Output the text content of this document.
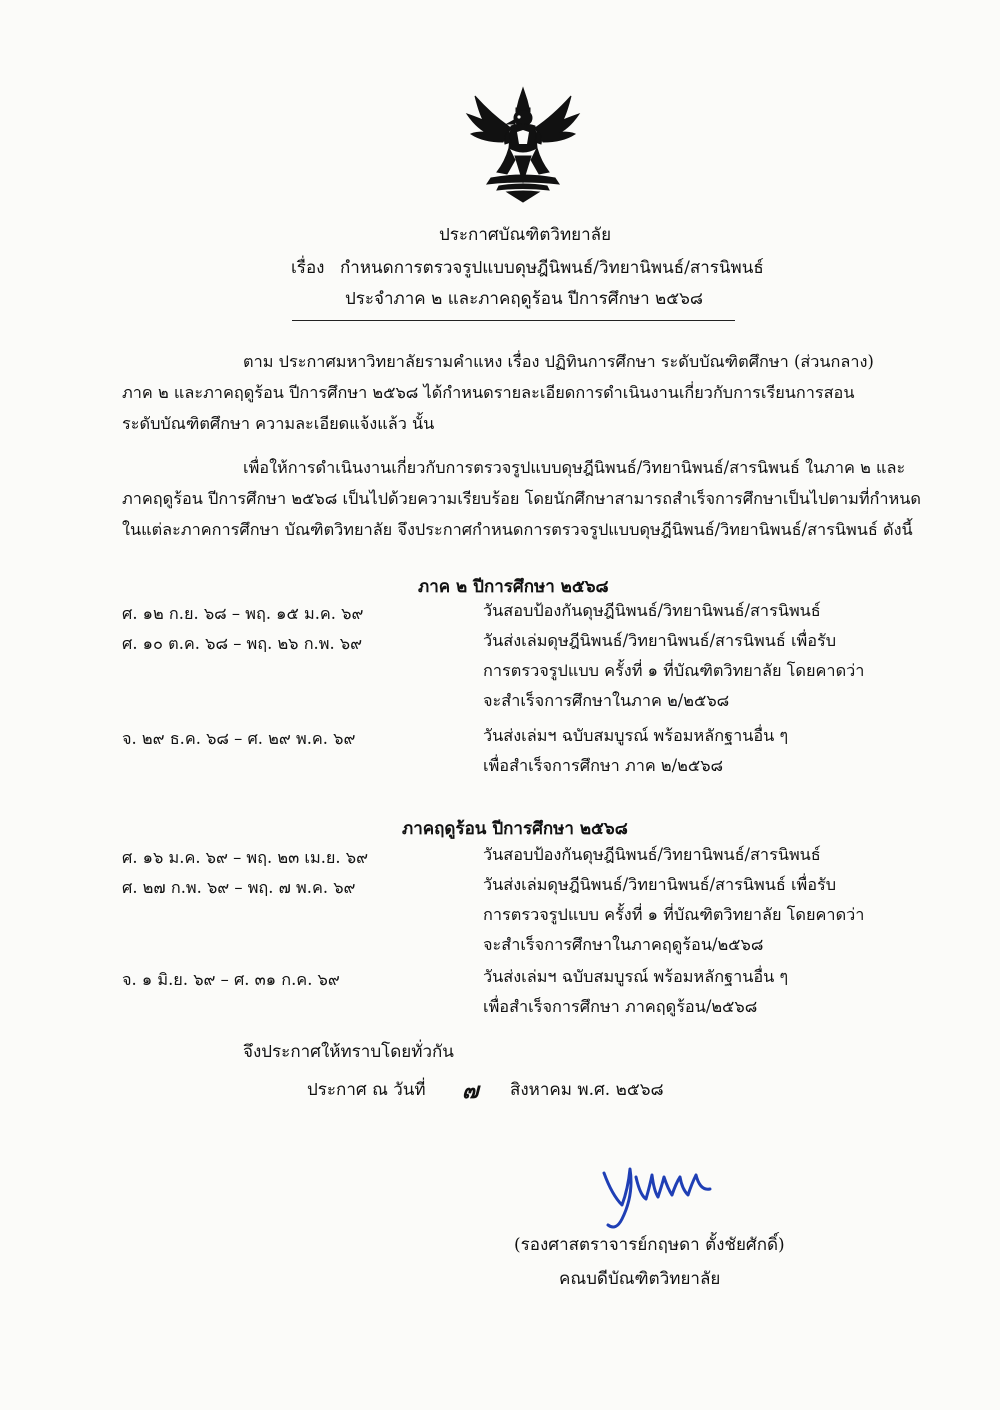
ประกาศบัณฑิตวิทยาลัย
เรื่อง กำหนดการตรวจรูปแบบดุษฎีนิพนธ์/วิทยานิพนธ์/สารนิพนธ์
ประจำภาค ๒ และภาคฤดูร้อน ปีการศึกษา ๒๕๖๘
ตาม ประกาศมหาวิทยาลัยรามคำแหง เรื่อง ปฏิทินการศึกษา ระดับบัณฑิตศึกษา (ส่วนกลาง)
ภาค ๒ และภาคฤดูร้อน ปีการศึกษา ๒๕๖๘ ได้กำหนดรายละเอียดการดำเนินงานเกี่ยวกับการเรียนการสอน
ระดับบัณฑิตศึกษา ความละเอียดแจ้งแล้ว นั้น
เพื่อให้การดำเนินงานเกี่ยวกับการตรวจรูปแบบดุษฎีนิพนธ์/วิทยานิพนธ์/สารนิพนธ์ ในภาค ๒ และ
ภาคฤดูร้อน ปีการศึกษา ๒๕๖๘ เป็นไปด้วยความเรียบร้อย โดยนักศึกษาสามารถสำเร็จการศึกษาเป็นไปตามที่กำหนด
ในแต่ละภาคการศึกษา บัณฑิตวิทยาลัย จึงประกาศกำหนดการตรวจรูปแบบดุษฎีนิพนธ์/วิทยานิพนธ์/สารนิพนธ์ ดังนี้
ภาค ๒ ปีการศึกษา ๒๕๖๘
ศ. ๑๒ ก.ย. ๖๘ – พฤ. ๑๕ ม.ค. ๖๙	วันสอบป้องกันดุษฎีนิพนธ์/วิทยานิพนธ์/สารนิพนธ์
ศ. ๑๐ ต.ค. ๖๘ – พฤ. ๒๖ ก.พ. ๖๙	วันส่งเล่มดุษฎีนิพนธ์/วิทยานิพนธ์/สารนิพนธ์ เพื่อรับ
การตรวจรูปแบบ ครั้งที่ ๑ ที่บัณฑิตวิทยาลัย โดยคาดว่า
จะสำเร็จการศึกษาในภาค ๒/๒๕๖๘
จ. ๒๙ ธ.ค. ๖๘ – ศ. ๒๙ พ.ค. ๖๙	วันส่งเล่มฯ ฉบับสมบูรณ์ พร้อมหลักฐานอื่น ๆ
เพื่อสำเร็จการศึกษา ภาค ๒/๒๕๖๘
ภาคฤดูร้อน ปีการศึกษา ๒๕๖๘
ศ. ๑๖ ม.ค. ๖๙ – พฤ. ๒๓ เม.ย. ๖๙	วันสอบป้องกันดุษฎีนิพนธ์/วิทยานิพนธ์/สารนิพนธ์
ศ. ๒๗ ก.พ. ๖๙ – พฤ. ๗ พ.ค. ๖๙	วันส่งเล่มดุษฎีนิพนธ์/วิทยานิพนธ์/สารนิพนธ์ เพื่อรับ
การตรวจรูปแบบ ครั้งที่ ๑ ที่บัณฑิตวิทยาลัย โดยคาดว่า
จะสำเร็จการศึกษาในภาคฤดูร้อน/๒๕๖๘
จ. ๑ มิ.ย. ๖๙ – ศ. ๓๑ ก.ค. ๖๙	วันส่งเล่มฯ ฉบับสมบูรณ์ พร้อมหลักฐานอื่น ๆ
เพื่อสำเร็จการศึกษา ภาคฤดูร้อน/๒๕๖๘
จึงประกาศให้ทราบโดยทั่วกัน
ประกาศ ณ วันที่ ๗ สิงหาคม พ.ศ. ๒๕๖๘
(รองศาสตราจารย์กฤษดา ตั้งชัยศักดิ์)
คณบดีบัณฑิตวิทยาลัย
